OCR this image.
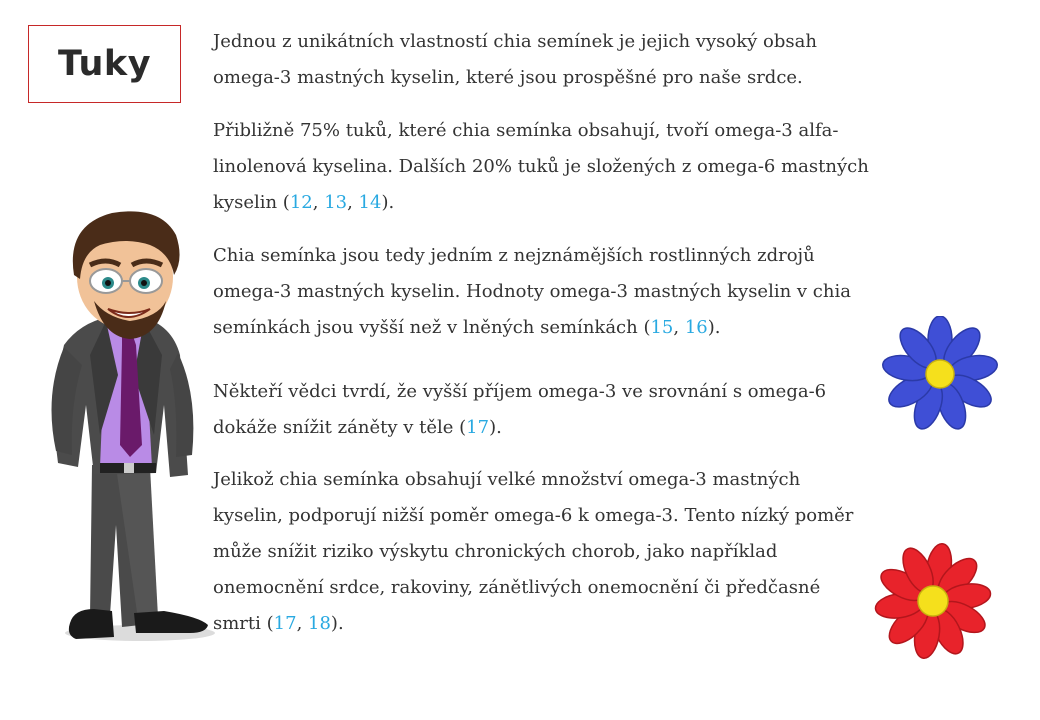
Tuky

Jednou z unikátních vlastností chia semínek je jejich vysoký obsah omega-3 mastných kyselin, které jsou prospěšné pro naše srdce.

Přibližně 75% tuků, které chia semínka obsahují, tvoří omega-3 alfa-linolenová kyselina. Dalších 20% tuků je složených z omega-6 mastných kyselin (12, 13, 14).

Chia semínka jsou tedy jedním z nejznámějších rostlinných zdrojů omega-3 mastných kyselin. Hodnoty omega-3 mastných kyselin v chia semínkách jsou vyšší než v lněných semínkách (15, 16).

Někteří vědci tvrdí, že vyšší příjem omega-3 ve srovnání s omega-6 dokáže snížit záněty v těle (17).

Jelikož chia semínka obsahují velké množství omega-3 mastných kyselin, podporují nižší poměr omega-6 k omega-3. Tento nízký poměr může snížit riziko výskytu chronických chorob, jako například onemocnění srdce, rakoviny, zánětlivých onemocnění či předčasné smrti (17, 18).
